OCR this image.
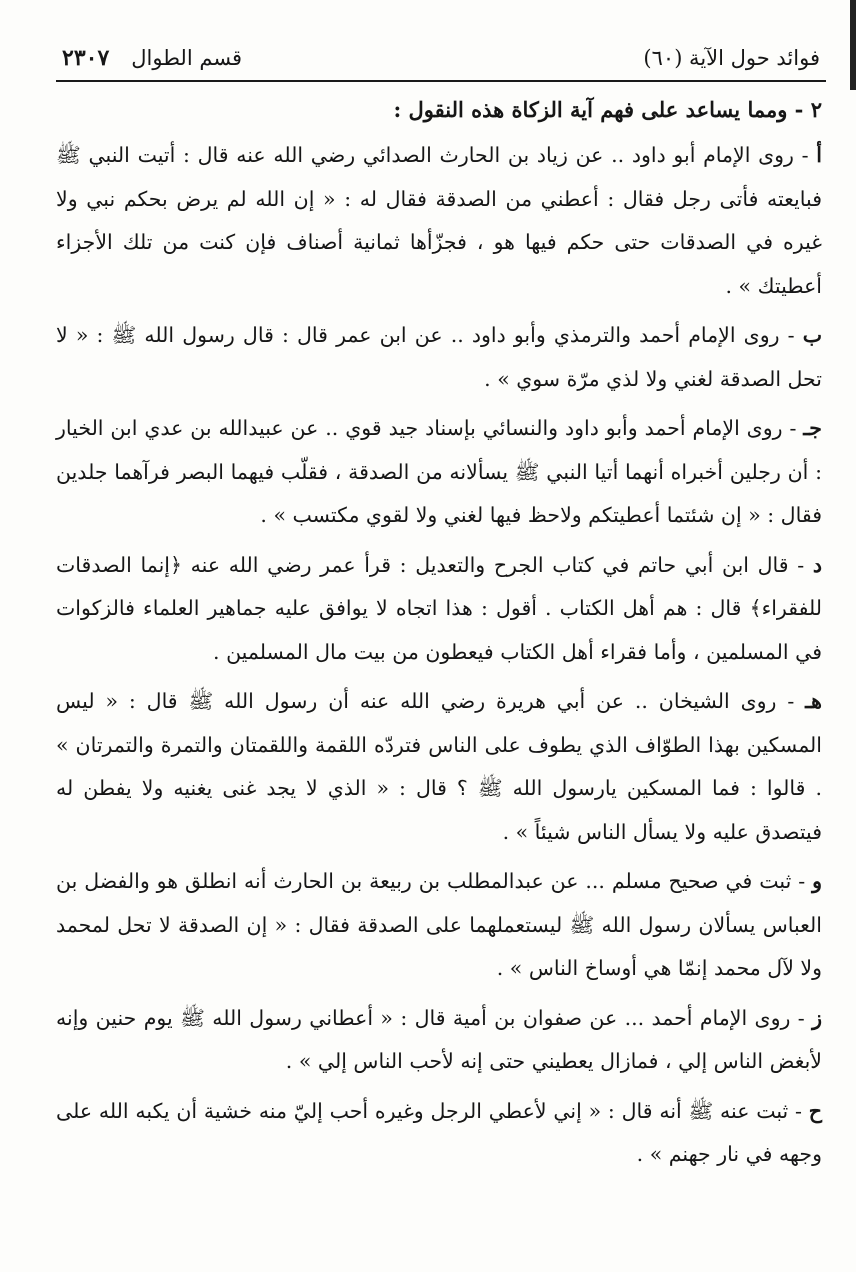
فوائد حول الآية (٦٠)
قسم الطوال
٢٣٠٧
٢ - ومما يساعد على فهم آية الزكاة هذه النقول :
أ - روى الإمام أبو داود .. عن زياد بن الحارث الصدائي رضي الله عنه قال : أتيت النبي ﷺ فبايعته فأتى رجل فقال : أعطني من الصدقة فقال له : « إن الله لم يرض بحكم نبي ولا غيره في الصدقات حتى حكم فيها هو ، فجزّأها ثمانية أصناف فإن كنت من تلك الأجزاء أعطيتك » .
ب - روى الإمام أحمد والترمذي وأبو داود .. عن ابن عمر قال : قال رسول الله ﷺ : « لا تحل الصدقة لغني ولا لذي مرّة سوي » .
جـ - روى الإمام أحمد وأبو داود والنسائي بإسناد جيد قوي .. عن عبيدالله بن عدي ابن الخيار : أن رجلين أخبراه أنهما أتيا النبي ﷺ يسألانه من الصدقة ، فقلّب فيهما البصر فرآهما جلدين فقال : « إن شئتما أعطيتكم ولاحظ فيها لغني ولا لقوي مكتسب » .
د - قال ابن أبي حاتم في كتاب الجرح والتعديل : قرأ عمر رضي الله عنه ﴿إنما الصدقات للفقراء﴾ قال : هم أهل الكتاب . أقول : هذا اتجاه لا يوافق عليه جماهير العلماء فالزكوات في المسلمين ، وأما فقراء أهل الكتاب فيعطون من بيت مال المسلمين .
هـ - روى الشيخان .. عن أبي هريرة رضي الله عنه أن رسول الله ﷺ قال : « ليس المسكين بهذا الطوّاف الذي يطوف على الناس فتردّه اللقمة واللقمتان والتمرة والتمرتان » . قالوا : فما المسكين يارسول الله ﷺ ؟ قال : « الذي لا يجد غنى يغنيه ولا يفطن له فيتصدق عليه ولا يسأل الناس شيئاً » .
و - ثبت في صحيح مسلم ... عن عبدالمطلب بن ربيعة بن الحارث أنه انطلق هو والفضل بن العباس يسألان رسول الله ﷺ ليستعملهما على الصدقة فقال : « إن الصدقة لا تحل لمحمد ولا لآل محمد إنمّا هي أوساخ الناس » .
ز - روى الإمام أحمد ... عن صفوان بن أمية قال : « أعطاني رسول الله ﷺ يوم حنين وإنه لأبغض الناس إلي ، فمازال يعطيني حتى إنه لأحب الناس إلي » .
ح - ثبت عنه ﷺ أنه قال : « إني لأعطي الرجل وغيره أحب إليّ منه خشية أن يكبه الله على وجهه في نار جهنم » .
